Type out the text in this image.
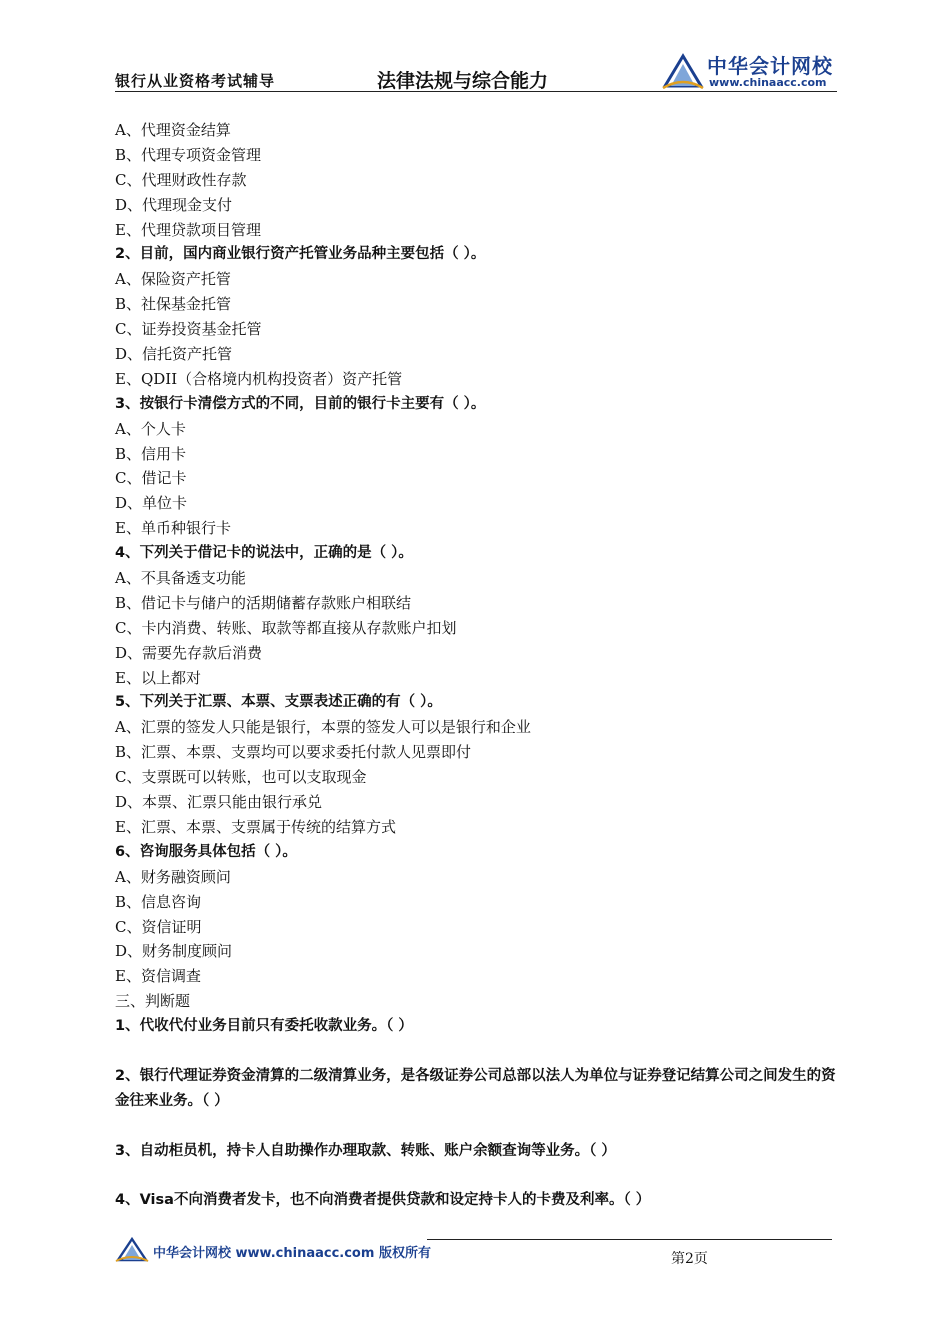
银行从业资格考试辅导	法律法规与综合能力
中华会计网校
www.chinaacc.com
A、代理资金结算
B、代理专项资金管理
C、代理财政性存款
D、代理现金支付
E、代理贷款项目管理
2、目前，国内商业银行资产托管业务品种主要包括（ ）。
A、保险资产托管
B、社保基金托管
C、证券投资基金托管
D、信托资产托管
E、QDII（合格境内机构投资者）资产托管
3、按银行卡清偿方式的不同，目前的银行卡主要有（ ）。
A、个人卡
B、信用卡
C、借记卡
D、单位卡
E、单币种银行卡
4、下列关于借记卡的说法中，正确的是（ ）。
A、不具备透支功能
B、借记卡与储户的活期储蓄存款账户相联结
C、卡内消费、转账、取款等都直接从存款账户扣划
D、需要先存款后消费
E、以上都对
5、下列关于汇票、本票、支票表述正确的有（ ）。
A、汇票的签发人只能是银行，本票的签发人可以是银行和企业
B、汇票、本票、支票均可以要求委托付款人见票即付
C、支票既可以转账，也可以支取现金
D、本票、汇票只能由银行承兑
E、汇票、本票、支票属于传统的结算方式
6、咨询服务具体包括（ ）。
A、财务融资顾问
B、信息咨询
C、资信证明
D、财务制度顾问
E、资信调查
三、判断题
1、代收代付业务目前只有委托收款业务。（ ）
2、银行代理证券资金清算的二级清算业务，是各级证券公司总部以法人为单位与证券登记结算公司之间发生的资金往来业务。（ ）
3、自动柜员机，持卡人自助操作办理取款、转账、账户余额查询等业务。（ ）
4、Visa不向消费者发卡，也不向消费者提供贷款和设定持卡人的卡费及利率。（ ）
中华会计网校 www.chinaacc.com 版权所有	第2页
